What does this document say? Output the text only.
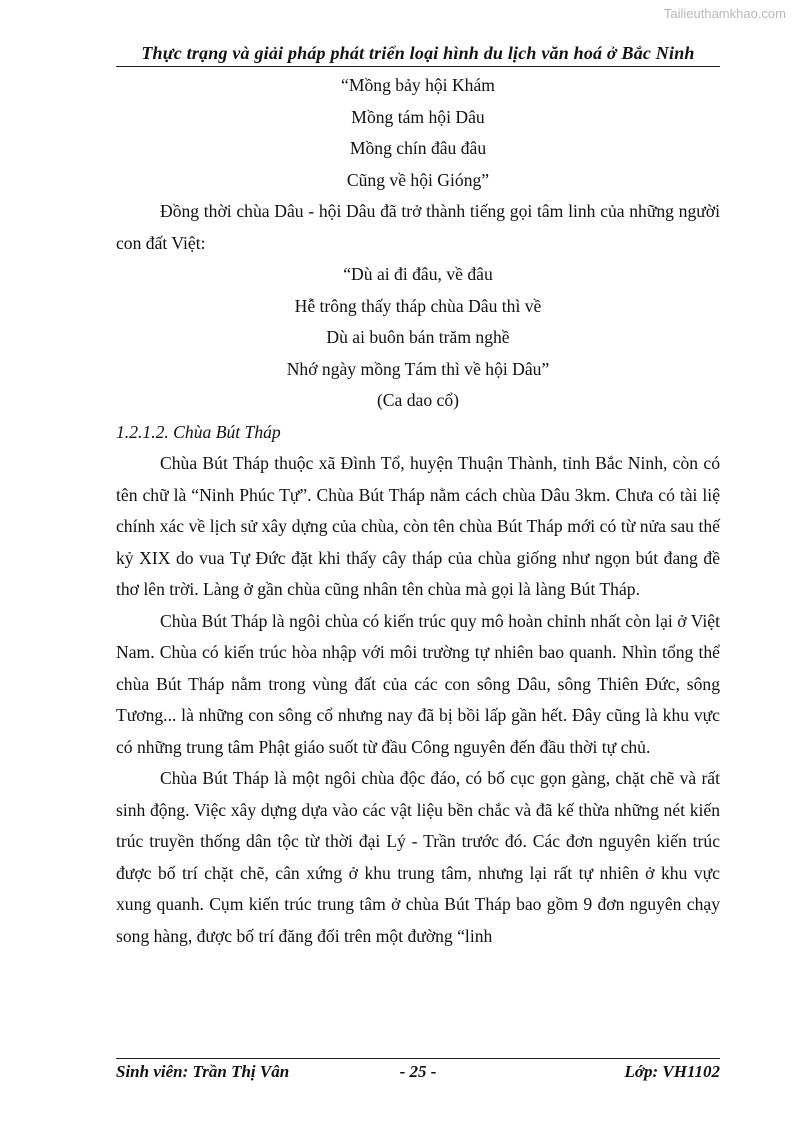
Tailieuthamkhao.com
Thực trạng và giải pháp phát triển loại hình du lịch văn hoá ở Bắc Ninh

“Mồng bảy hội Khám

Mồng tám hội Dâu

Mồng chín đâu đâu

Cũng về hội Gióng”

Đồng thời chùa Dâu - hội Dâu đã trở thành tiếng gọi tâm linh của những người con đất Việt:

“Dù ai đi đâu, về đâu

Hễ trông thấy tháp chùa Dâu thì về

Dù ai buôn bán trăm nghề

Nhớ ngày mồng Tám thì về hội Dâu”

(Ca dao cổ)

1.2.1.2. Chùa Bút Tháp

Chùa Bút Tháp thuộc xã Đình Tổ, huyện Thuận Thành, tỉnh Bắc Ninh, còn có tên chữ là “Ninh Phúc Tự”. Chùa Bút Tháp nằm cách chùa Dâu 3km. Chưa có tài liệ chính xác về lịch sử xây dựng của chùa, còn tên chùa Bút Tháp mới có từ nửa sau thế kỷ XIX do vua Tự Đức đặt khi thấy cây tháp của chùa giống như ngọn bút đang đề thơ lên trời. Làng ở gần chùa cũng nhân tên chùa mà gọi là làng Bút Tháp.

Chùa Bút Tháp là ngôi chùa có kiến trúc quy mô hoàn chỉnh nhất còn lại ở Việt Nam. Chùa có kiến trúc hòa nhập với môi trường tự nhiên bao quanh. Nhìn tổng thể chùa Bút Tháp nằm trong vùng đất của các con sông Dâu, sông Thiên Đức, sông Tương... là những con sông cổ nhưng nay đã bị bồi lấp gần hết. Đây cũng là khu vực có những trung tâm Phật giáo suốt từ đầu Công nguyên đến đầu thời tự chủ.

Chùa Bút Tháp là một ngôi chùa độc đáo, có bố cục gọn gàng, chặt chẽ và rất sinh động. Việc xây dựng dựa vào các vật liệu bền chắc và đã kế thừa những nét kiến trúc truyền thống dân tộc từ thời đại Lý - Trần trước đó. Các đơn nguyên kiến trúc được bố trí chặt chẽ, cân xứng ở khu trung tâm, nhưng lại rất tự nhiên ở khu vực xung quanh. Cụm kiến trúc trung tâm ở chùa Bút Tháp bao gồm 9 đơn nguyên chạy song hàng, được bố trí đăng đối trên một đường “linh

Sinh viên: Trần Thị Vân	- 25 -	Lớp: VH1102
